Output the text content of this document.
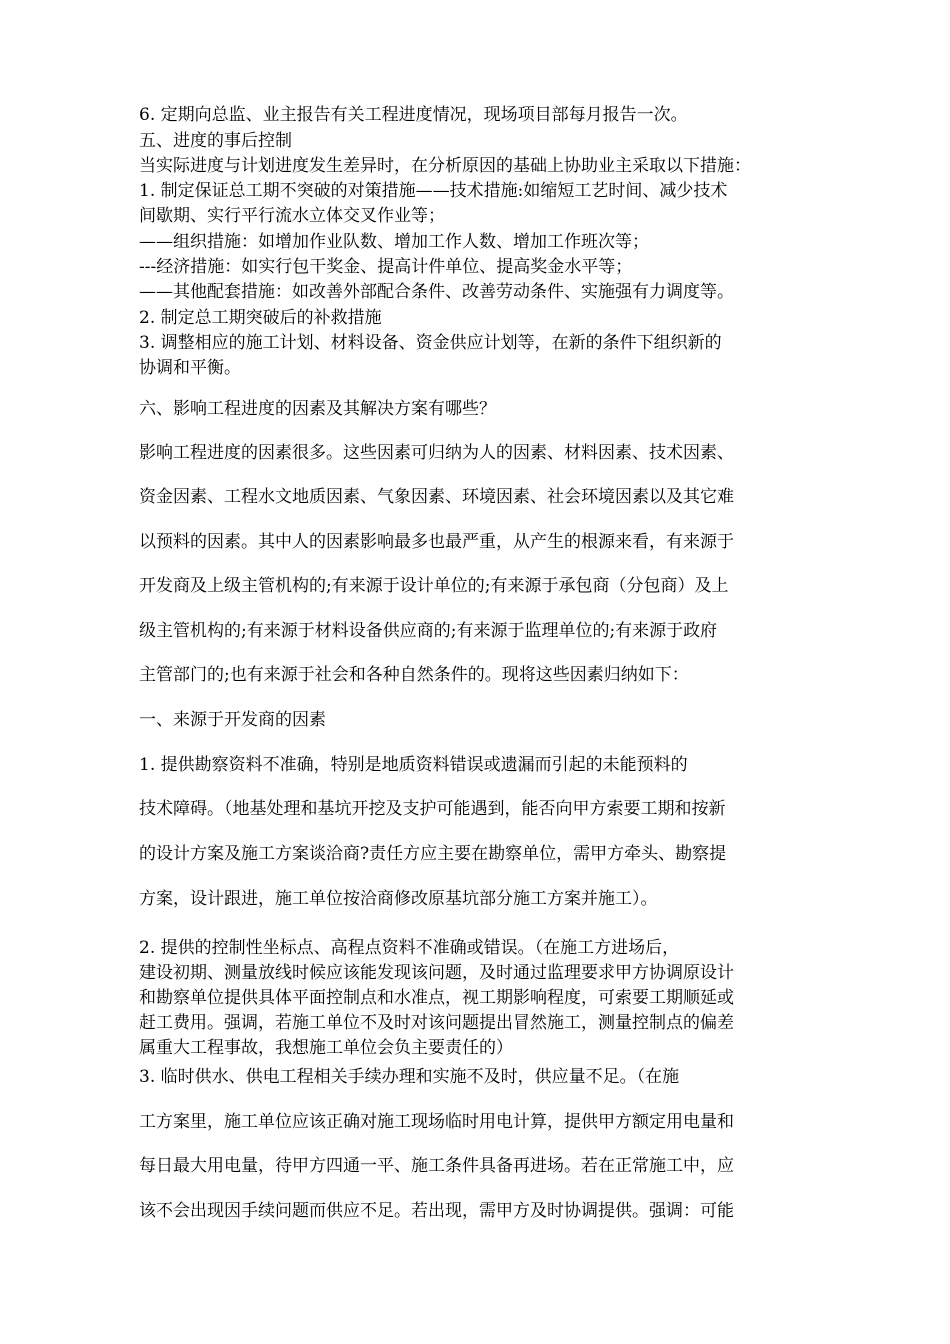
6. 定期向总监、业主报告有关工程进度情况，现场项目部每月报告一次。
五、进度的事后控制
当实际进度与计划进度发生差异时，在分析原因的基础上协助业主采取以下措施：
1. 制定保证总工期不突破的对策措施——技术措施:如缩短工艺时间、减少技术
间歇期、实行平行流水立体交叉作业等；
——组织措施：如增加作业队数、增加工作人数、增加工作班次等；
---经济措施：如实行包干奖金、提高计件单位、提高奖金水平等；
——其他配套措施：如改善外部配合条件、改善劳动条件、实施强有力调度等。
2. 制定总工期突破后的补救措施
3. 调整相应的施工计划、材料设备、资金供应计划等，在新的条件下组织新的
协调和平衡。
六、影响工程进度的因素及其解决方案有哪些？
影响工程进度的因素很多。这些因素可归纳为人的因素、材料因素、技术因素、
资金因素、工程水文地质因素、气象因素、环境因素、社会环境因素以及其它难
以预料的因素。其中人的因素影响最多也最严重，从产生的根源来看，有来源于
开发商及上级主管机构的;有来源于设计单位的;有来源于承包商（分包商）及上
级主管机构的;有来源于材料设备供应商的;有来源于监理单位的;有来源于政府
主管部门的;也有来源于社会和各种自然条件的。现将这些因素归纳如下：
一、来源于开发商的因素
1. 提供勘察资料不准确，特别是地质资料错误或遗漏而引起的未能预料的
技术障碍。（地基处理和基坑开挖及支护可能遇到，能否向甲方索要工期和按新
的设计方案及施工方案谈洽商?责任方应主要在勘察单位，需甲方牵头、勘察提
方案，设计跟进，施工单位按洽商修改原基坑部分施工方案并施工）。
2. 提供的控制性坐标点、高程点资料不准确或错误。（在施工方进场后，
建设初期、测量放线时候应该能发现该问题，及时通过监理要求甲方协调原设计
和勘察单位提供具体平面控制点和水准点，视工期影响程度，可索要工期顺延或
赶工费用。强调，若施工单位不及时对该问题提出冒然施工，测量控制点的偏差
属重大工程事故，我想施工单位会负主要责任的）
3. 临时供水、供电工程相关手续办理和实施不及时，供应量不足。（在施
工方案里，施工单位应该正确对施工现场临时用电计算，提供甲方额定用电量和
每日最大用电量，待甲方四通一平、施工条件具备再进场。若在正常施工中，应
该不会出现因手续问题而供应不足。若出现，需甲方及时协调提供。强调：可能
